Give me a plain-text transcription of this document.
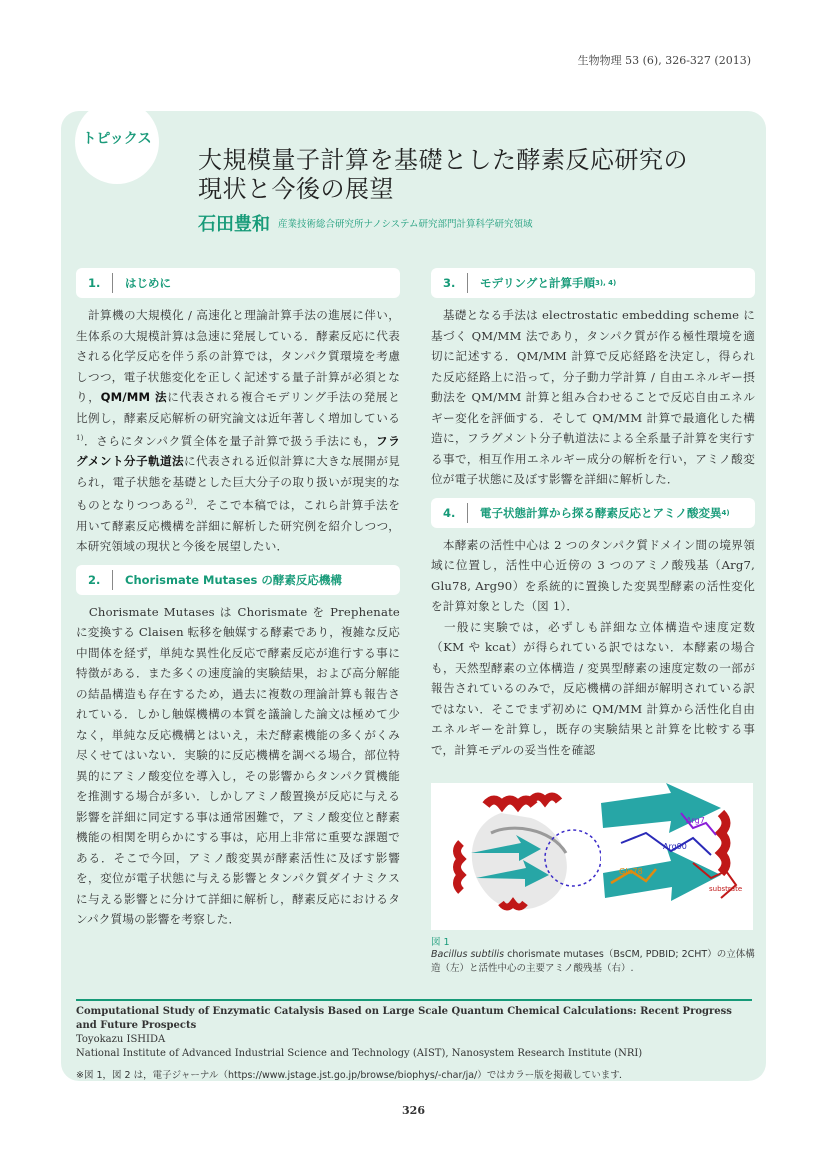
生物物理 53 (6), 326-327 (2013)
トピックス
大規模量子計算を基礎とした酵素反応研究の
現状と今後の展望
石田豊和 産業技術総合研究所ナノシステム研究部門計算科学研究領域
1.	はじめに
　計算機の大規模化 / 高速化と理論計算手法の進展に伴い，生体系の大規模計算は急速に発展している．酵素反応に代表される化学反応を伴う系の計算では，タンパク質環境を考慮しつつ，電子状態変化を正しく記述する量子計算が必須となり，QM/MM 法に代表される複合モデリング手法の発展と比例し，酵素反応解析の研究論文は近年著しく増加している$^{1)}$．さらにタンパク質全体を量子計算で扱う手法にも，フラグメント分子軌道法に代表される近似計算に大きな展開が見られ，電子状態を基礎とした巨大分子の取り扱いが現実的なものとなりつつある$^{2)}$．そこで本稿では，これら計算手法を用いて酵素反応機構を詳細に解析した研究例を紹介しつつ，本研究領域の現状と今後を展望したい．
2.	Chorismate Mutases の酵素反応機構
　Chorismate Mutases は Chorismate を Prephenate に変換する Claisen 転移を触媒する酵素であり，複雑な反応中間体を経ず，単純な異性化反応で酵素反応が進行する事に特徴がある．また多くの速度論的実験結果，および高分解能の結晶構造も存在するため，過去に複数の理論計算も報告されている．しかし触媒機構の本質を議論した論文は極めて少なく，単純な反応機構とはいえ，未だ酵素機能の多くがくみ尽くせてはいない．実験的に反応機構を調べる場合，部位特異的にアミノ酸変位を導入し，その影響からタンパク質機能を推測する場合が多い．しかしアミノ酸置換が反応に与える影響を詳細に同定する事は通常困難で，アミノ酸変位と酵素機能の相関を明らかにする事は，応用上非常に重要な課題である．そこで今回，アミノ酸変異が酵素活性に及ぼす影響を，変位が電子状態に与える影響とタンパク質ダイナミクスに与える影響とに分けて詳細に解析し，酵素反応におけるタンパク質場の影響を考察した．
3.	モデリングと計算手順 3), 4)
　基礎となる手法は electrostatic embedding scheme に基づく QM/MM 法であり，タンパク質が作る極性環境を適切に記述する．QM/MM 計算で反応経路を決定し，得られた反応経路上に沿って，分子動力学計算 / 自由エネルギー摂動法を QM/MM 計算と組み合わせることで反応自由エネルギー変化を評価する．そして QM/MM 計算で最適化した構造に，フラグメント分子軌道法による全系量子計算を実行する事で，相互作用エネルギー成分の解析を行い，アミノ酸変位が電子状態に及ぼす影響を詳細に解析した．
4.	電子状態計算から探る酵素反応とアミノ酸変異 4)
　本酵素の活性中心は 2 つのタンパク質ドメイン間の境界領域に位置し，活性中心近傍の 3 つのアミノ酸残基（Arg7, Glu78, Arg90）を系統的に置換した変異型酵素の活性変化を計算対象とした（図 1）．
　一般に実験では，必ずしも詳細な立体構造や速度定数（KM や kcat）が得られている訳ではない．本酵素の場合も，天然型酵素の立体構造 / 変異型酵素の速度定数の一部が報告されているのみで，反応機構の詳細が解明されている訳ではない．そこでまず初めに QM/MM 計算から活性化自由エネルギーを計算し，既存の実験結果と計算を比較する事で，計算モデルの妥当性を確認
Arg7
Arg90
Glu78
substrate
図 1
Bacillus subtilis chorismate mutases（BsCM, PDBID; 2CHT）の立体構造（左）と活性中心の主要アミノ酸残基（右）.
Computational Study of Enzymatic Catalysis Based on Large Scale Quantum Chemical Calculations: Recent Progress and Future Prospects
Toyokazu ISHIDA
National Institute of Advanced Industrial Science and Technology (AIST), Nanosystem Research Institute (NRI)
※図 1，図 2 は，電子ジャーナル（https://www.jstage.jst.go.jp/browse/biophys/-char/ja/）ではカラー版を掲載しています．
326
